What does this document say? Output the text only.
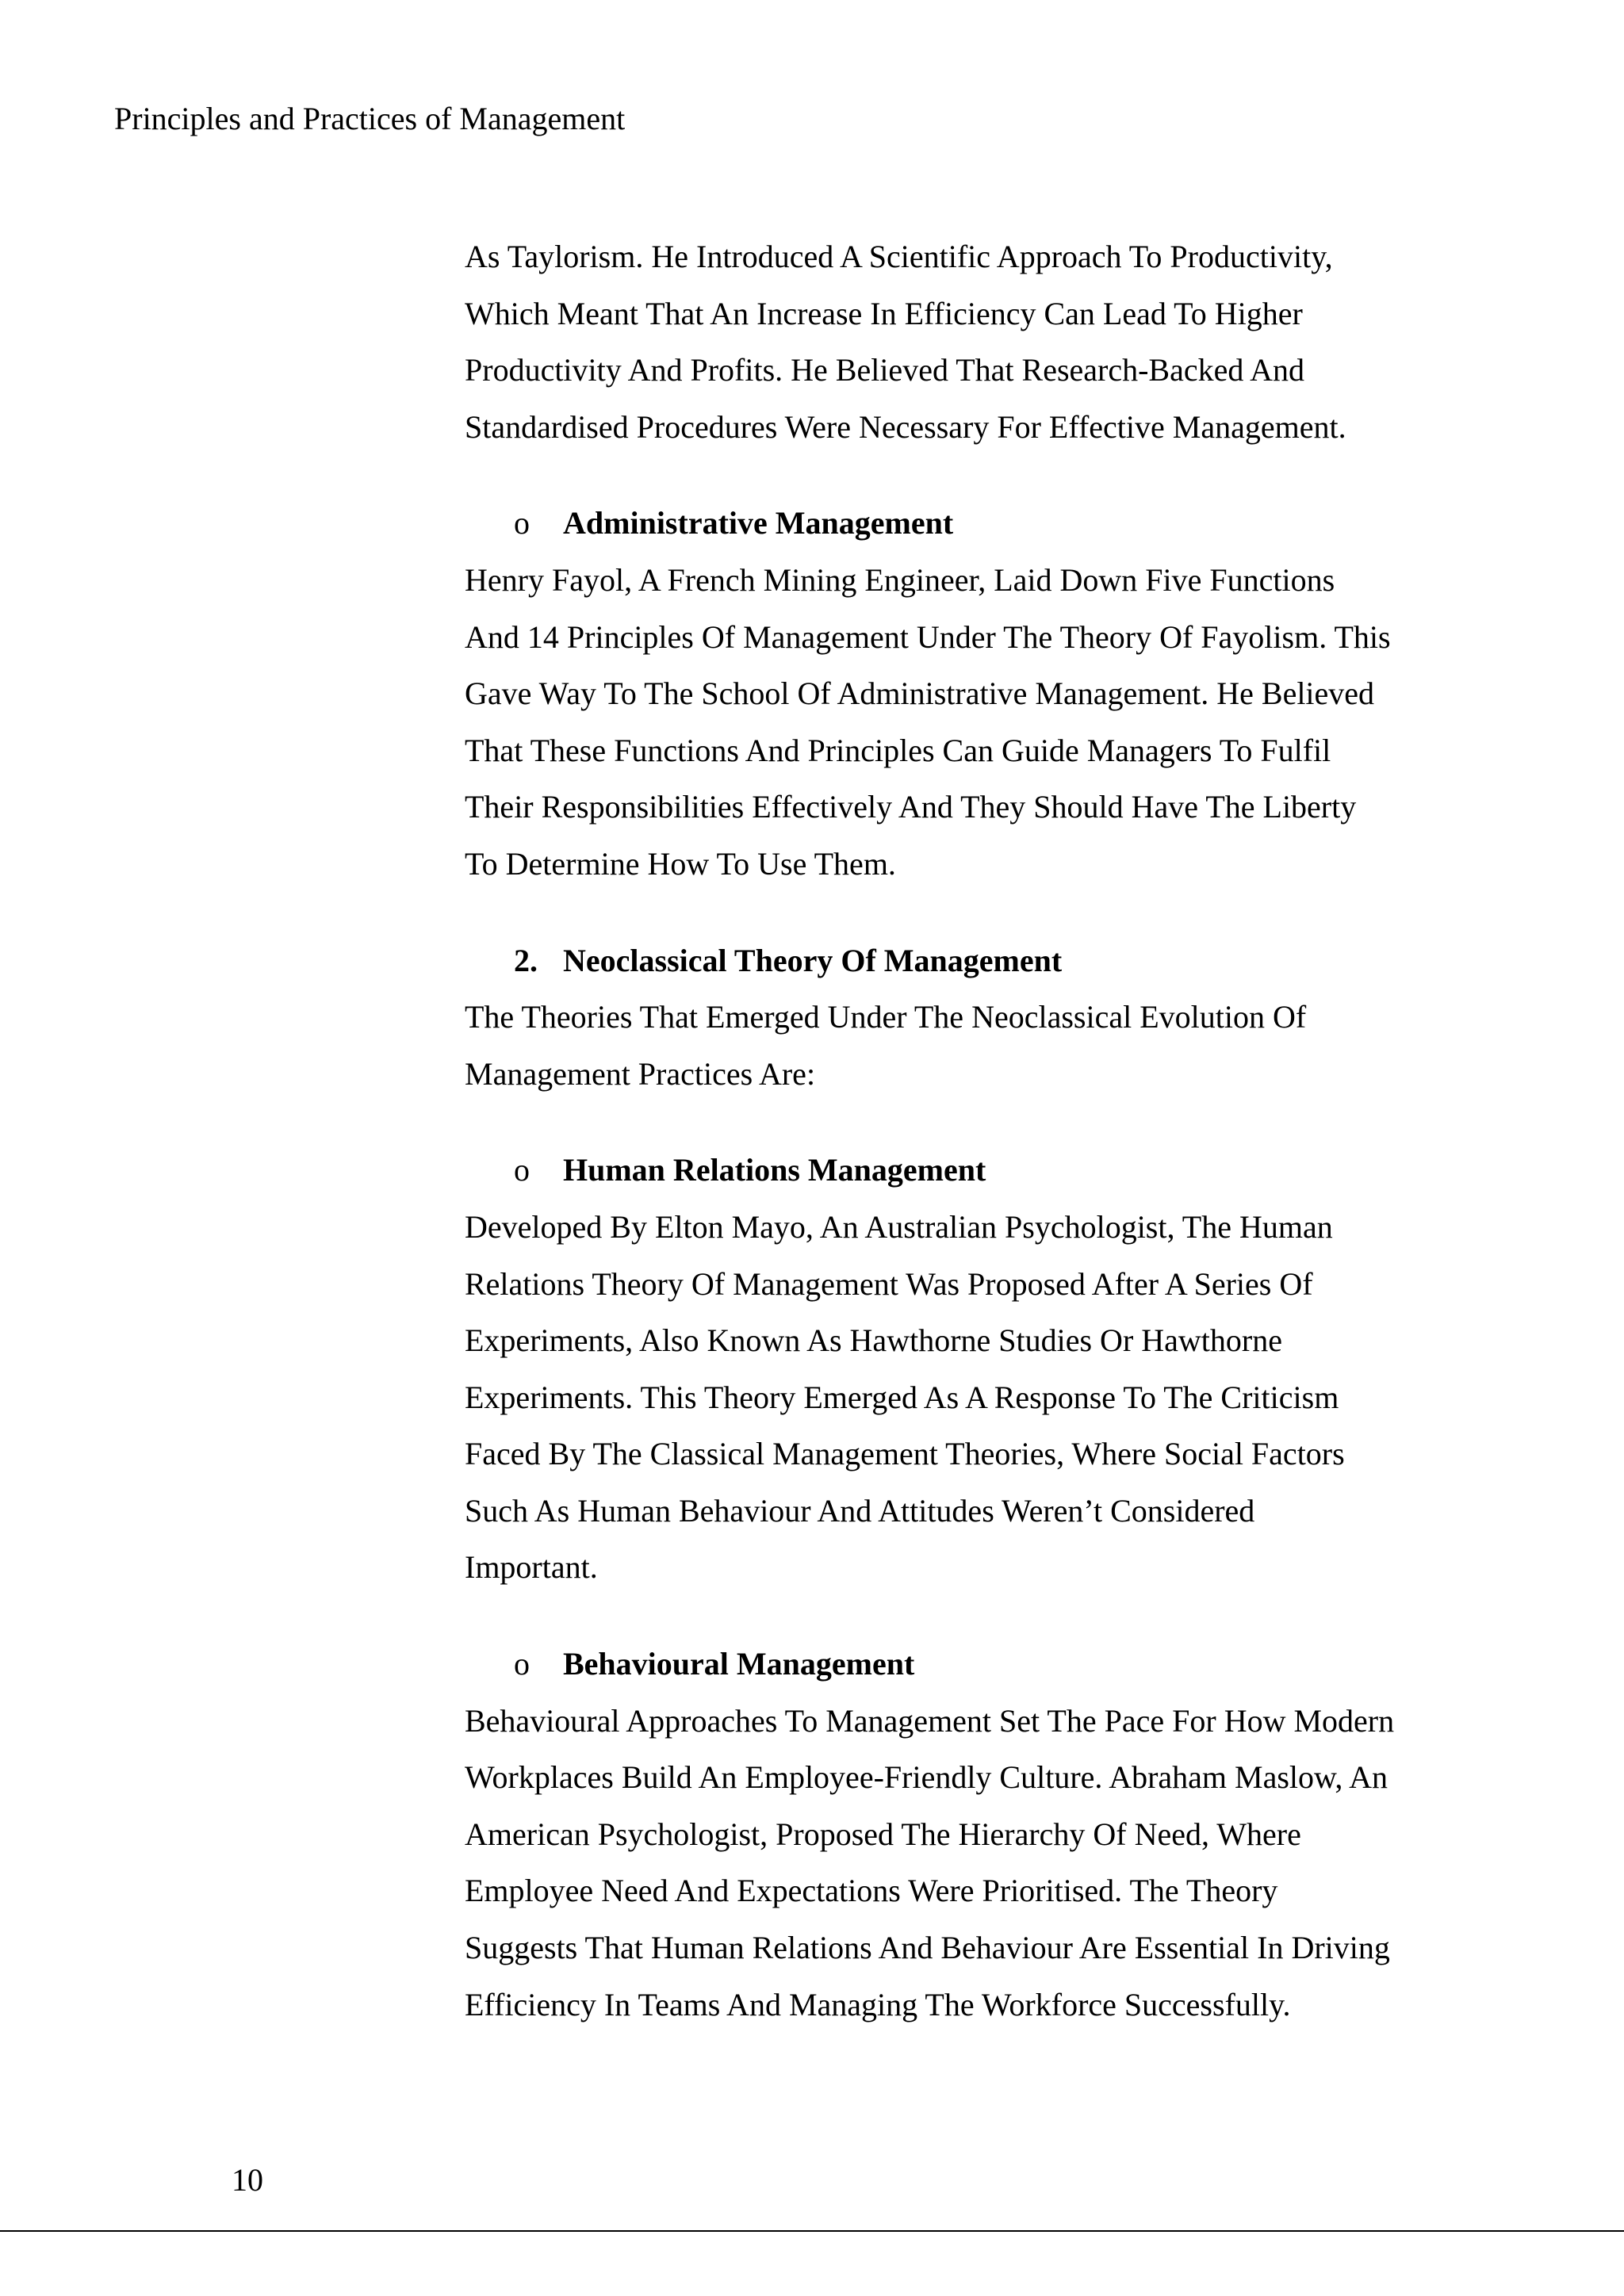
Principles and Practices of Management

As Taylorism. He Introduced A Scientific Approach To Productivity,

Which Meant That An Increase In Efficiency Can Lead To Higher

Productivity And Profits. He Believed That Research-Backed And

Standardised Procedures Were Necessary For Effective Management.

o	Administrative Management

Henry Fayol, A French Mining Engineer, Laid Down Five Functions

And 14 Principles Of Management Under The Theory Of Fayolism. This

Gave Way To The School Of Administrative Management. He Believed

That These Functions And Principles Can Guide Managers To Fulfil

Their Responsibilities Effectively And They Should Have The Liberty

To Determine How To Use Them.

2. Neoclassical Theory Of Management

The Theories That Emerged Under The Neoclassical Evolution Of

Management Practices Are:

o	Human Relations Management

Developed By Elton Mayo, An Australian Psychologist, The Human

Relations Theory Of Management Was Proposed After A Series Of

Experiments, Also Known As Hawthorne Studies Or Hawthorne

Experiments. This Theory Emerged As A Response To The Criticism

Faced By The Classical Management Theories, Where Social Factors

Such As Human Behaviour And Attitudes Weren’t Considered

Important.

o	Behavioural Management

Behavioural Approaches To Management Set The Pace For How Modern

Workplaces Build An Employee-Friendly Culture. Abraham Maslow, An

American Psychologist, Proposed The Hierarchy Of Need, Where

Employee Need And Expectations Were Prioritised. The Theory

Suggests That Human Relations And Behaviour Are Essential In Driving

Efficiency In Teams And Managing The Workforce Successfully.

10
